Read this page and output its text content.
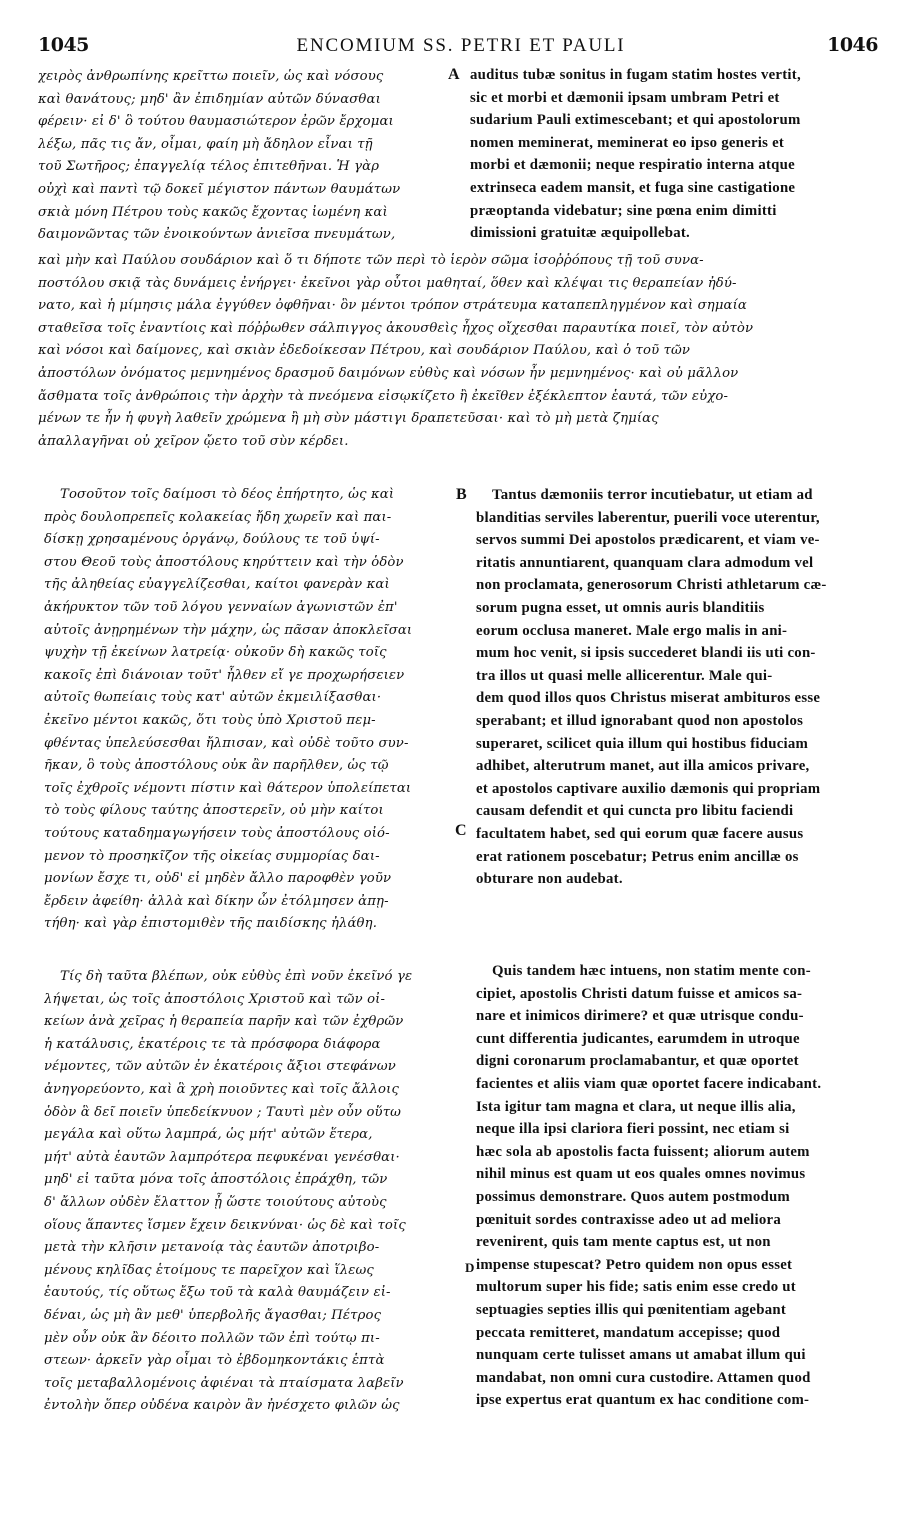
1045	ENCOMIUM SS. PETRI ET PAULI	1046
χειρὸς ἀνθρωπίνης κρεῖττω ποιεῖν, ὡς καὶ νόσους
καὶ θανάτους; μηδ' ἂν ἐπιδημίαν αὐτῶν δύνασθαι
φέρειν· εἰ δ' ὃ τούτου θαυμασιώτερον ἐρῶν ἔρχομαι
λέξω, πᾶς τις ἄν, οἶμαι, φαίη μὴ ἄδηλον εἶναι τῇ
τοῦ Σωτῆρος; ἐπαγγελίᾳ τέλος ἐπιτεθῆναι. Ἡ γὰρ
οὐχὶ καὶ παντὶ τῷ δοκεῖ μέγιστον πάντων θαυμάτων
σκιὰ μόνη Πέτρου τοὺς κακῶς ἔχοντας ἰωμένη καὶ
δαιμονῶντας τῶν ἐνοικούντων ἀνιεῖσα πνευμάτων,
auditus tubæ sonitus in fugam statim hostes vertit,
sic et morbi et dæmonii ipsam umbram Petri et
sudarium Pauli extimescebant; et qui apostolorum
nomen meminerat, meminerat eo ipso generis et
morbi et dæmonii; neque respiratio interna atque
extrinseca eadem mansit, et fuga sine castigatione
præoptanda videbatur; sine pœna enim dimitti
dimissioni gratuitæ æquipollebat.
καὶ μὴν καὶ Παύλου σουδάριον καὶ ὅ τι δήποτε τῶν περὶ τὸ ἱερὸν σῶμα ἰσοῤῥόπους τῇ τοῦ συνα-
ποστόλου σκιᾷ τὰς δυνάμεις ἐνήργει· ἐκεῖνοι γὰρ οὗτοι μαθηταί, ὅθεν καὶ κλέψαι τις θεραπείαν ἠδύ-
νατο, καὶ ἡ μίμησις μάλα ἐγγύθεν ὀφθῆναι· ὃν μέντοι τρόπον στράτευμα καταπεπληγμένον καὶ σημαία
σταθεῖσα τοῖς ἐναντίοις καὶ πόῤῥωθεν σάλπιγγος ἀκουσθεὶς ἦχος οἴχεσθαι παραυτίκα ποιεῖ, τὸν αὐτὸν
καὶ νόσοι καὶ δαίμονες, καὶ σκιὰν ἐδεδοίκεσαν Πέτρου, καὶ σουδάριον Παύλου, καὶ ὁ τοῦ τῶν
ἀποστόλων ὀνόματος μεμνημένος δρασμοῦ δαιμόνων εὐθὺς καὶ νόσων ἦν μεμνημένος· καὶ οὐ μᾶλλον
ἄσθματα τοῖς ἀνθρώποις τὴν ἀρχὴν τὰ πνεόμενα εἰσῳκίζετο ἢ ἐκεῖθεν ἐξέκλεπτον ἑαυτά, τῶν εὐχο-
μένων τε ἦν ἡ φυγὴ λαθεῖν χρώμενα ἢ μὴ σὺν μάστιγι δραπετεῦσαι· καὶ τὸ μὴ μετὰ ζημίας
ἀπαλλαγῆναι οὐ χεῖρον ᾤετο τοῦ σὺν κέρδει.
Τοσοῦτον τοῖς δαίμοσι τὸ δέος ἐπήρτητο, ὡς καὶ
πρὸς δουλοπρεπεῖς κολακείας ἤδη χωρεῖν καὶ παι-
δίσκῃ χρησαμένους ὀργάνῳ, δούλους τε τοῦ ὑψί-
στου Θεοῦ τοὺς ἀποστόλους κηρύττειν καὶ τὴν ὁδὸν
τῆς ἀληθείας εὐαγγελίζεσθαι, καίτοι φανερὰν καὶ
ἀκήρυκτον τῶν τοῦ λόγου γενναίων ἀγωνιστῶν ἐπ'
αὐτοῖς ἀνῃρημένων τὴν μάχην, ὡς πᾶσαν ἀποκλεῖσαι
ψυχὴν τῇ ἐκείνων λατρείᾳ· οὐκοῦν δὴ κακῶς τοῖς
κακοῖς ἐπὶ διάνοιαν τοῦτ' ἦλθεν εἴ γε προχωρήσειεν
αὐτοῖς θωπείαις τοὺς κατ' αὐτῶν ἐκμειλίξασθαι·
ἐκεῖνο μέντοι κακῶς, ὅτι τοὺς ὑπὸ Χριστοῦ πεμ-
φθέντας ὑπελεύσεσθαι ἤλπισαν, καὶ οὐδὲ τοῦτο συν-
ῆκαν, ὃ τοὺς ἀποστόλους οὐκ ἂν παρῆλθεν, ὡς τῷ
τοῖς ἐχθροῖς νέμοντι πίστιν καὶ θάτερον ὑπολείπεται
τὸ τοὺς φίλους ταύτης ἀποστερεῖν, οὐ μὴν καίτοι
τούτους καταδημαγωγήσειν τοὺς ἀποστόλους οἰό-
μενον τὸ προσηκῖζον τῆς οἰκείας συμμορίας δαι-
μονίων ἔσχε τι, οὐδ' εἰ μηδὲν ἄλλο παροφθὲν γοῦν
ἔρδειν ἀφείθη· ἀλλὰ καὶ δίκην ὧν ἐτόλμησεν ἀπῃ-
τήθη· καὶ γὰρ ἐπιστομιθὲν τῆς παιδίσκης ἠλάθη.
Tantus dæmoniis terror incutiebatur, ut etiam ad
blanditias serviles laberentur, puerili voce uterentur,
servos summi Dei apostolos prædicarent, et viam ve-
ritatis annuntiarent, quanquam clara admodum vel
non proclamata, generosorum Christi athletarum cæ-
sorum pugna esset, ut omnis auris blanditiis
eorum occlusa maneret. Male ergo malis in ani-
mum hoc venit, si ipsis succederet blandi iis uti con-
tra illos ut quasi melle allicerentur. Male qui-
dem quod illos quos Christus miserat ambituros esse
sperabant; et illud ignorabant quod non apostolos
superaret, scilicet quia illum qui hostibus fiduciam
adhibet, alterutrum manet, aut illa amicos privare,
et apostolos captivare auxilio dæmonis qui propriam
causam defendit et qui cuncta pro libitu faciendi
facultatem habet, sed qui eorum quæ facere ausus
erat rationem poscebatur; Petrus enim ancillæ os
obturare non audebat.
Τίς δὴ ταῦτα βλέπων, οὐκ εὐθὺς ἐπὶ νοῦν ἐκεῖνό γε
λήψεται, ὡς τοῖς ἀποστόλοις Χριστοῦ καὶ τῶν οἰ-
κείων ἀνὰ χεῖρας ἡ θεραπεία παρῆν καὶ τῶν ἐχθρῶν
ἡ κατάλυσις, ἑκατέροις τε τὰ πρόσφορα διάφορα
νέμοντες, τῶν αὐτῶν ἐν ἑκατέροις ἄξιοι στεφάνων
ἀνηγορεύοντο, καὶ ἃ χρὴ ποιοῦντες καὶ τοῖς ἄλλοις
ὁδὸν ἃ δεῖ ποιεῖν ὑπεδείκνυον ; Ταυτὶ μὲν οὖν οὕτω
μεγάλα καὶ οὕτω λαμπρά, ὡς μήτ' αὐτῶν ἕτερα,
μήτ' αὐτὰ ἑαυτῶν λαμπρότερα πεφυκέναι γενέσθαι·
μηδ' εἰ ταῦτα μόνα τοῖς ἀποστόλοις ἐπράχθη, τῶν
δ' ἄλλων οὐδὲν ἔλαττον ᾖ ὥστε τοιούτους αὐτοὺς
οἵους ἅπαντες ἴσμεν ἔχειν δεικνύναι· ὡς δὲ καὶ τοῖς
μετὰ τὴν κλῆσιν μετανοίᾳ τὰς ἑαυτῶν ἀποτριβο-
μένους κηλῖδας ἑτοίμους τε παρεῖχον καὶ ἵλεως
ἑαυτούς, τίς οὕτως ἔξω τοῦ τὰ καλὰ θαυμάζειν εἰ-
δέναι, ὡς μὴ ἂν μεθ' ὑπερβολῆς ἄγασθαι; Πέτρος
μὲν οὖν οὐκ ἂν δέοιτο πολλῶν τῶν ἐπὶ τούτῳ πι-
στεων· ἀρκεῖν γὰρ οἶμαι τὸ ἑβδομηκοντάκις ἑπτὰ
τοῖς μεταβαλλομένοις ἀφιέναι τὰ πταίσματα λαβεῖν
ἐντολὴν ὅπερ οὐδένα καιρὸν ἂν ἠνέσχετο φιλῶν ὡς
Quis tandem hæc intuens, non statim mente con-
cipiet, apostolis Christi datum fuisse et amicos sa-
nare et inimicos dirimere? et quæ utrisque condu-
cunt differentia judicantes, earumdem in utroque
digni coronarum proclamabantur, et quæ oportet
facientes et aliis viam quæ oportet facere indicabant.
Ista igitur tam magna et clara, ut neque illis alia,
neque illa ipsi clariora fieri possint, nec etiam si
hæc sola ab apostolis facta fuissent; aliorum autem
nihil minus est quam ut eos quales omnes novimus
possimus demonstrare. Quos autem postmodum
pœnituit sordes contraxisse adeo ut ad meliora
revenirent, quis tam mente captus est, ut non
impense stupescat? Petro quidem non opus esset
multorum super his fide; satis enim esse credo ut
septuagies septies illis qui pœnitentiam agebant
peccata remitteret, mandatum accepisse; quod
nunquam certe tulisset amans ut amabat illum qui
mandabat, non omni cura custodire. Attamen quod
ipse expertus erat quantum ex hac conditione com-
A
B
C
D
